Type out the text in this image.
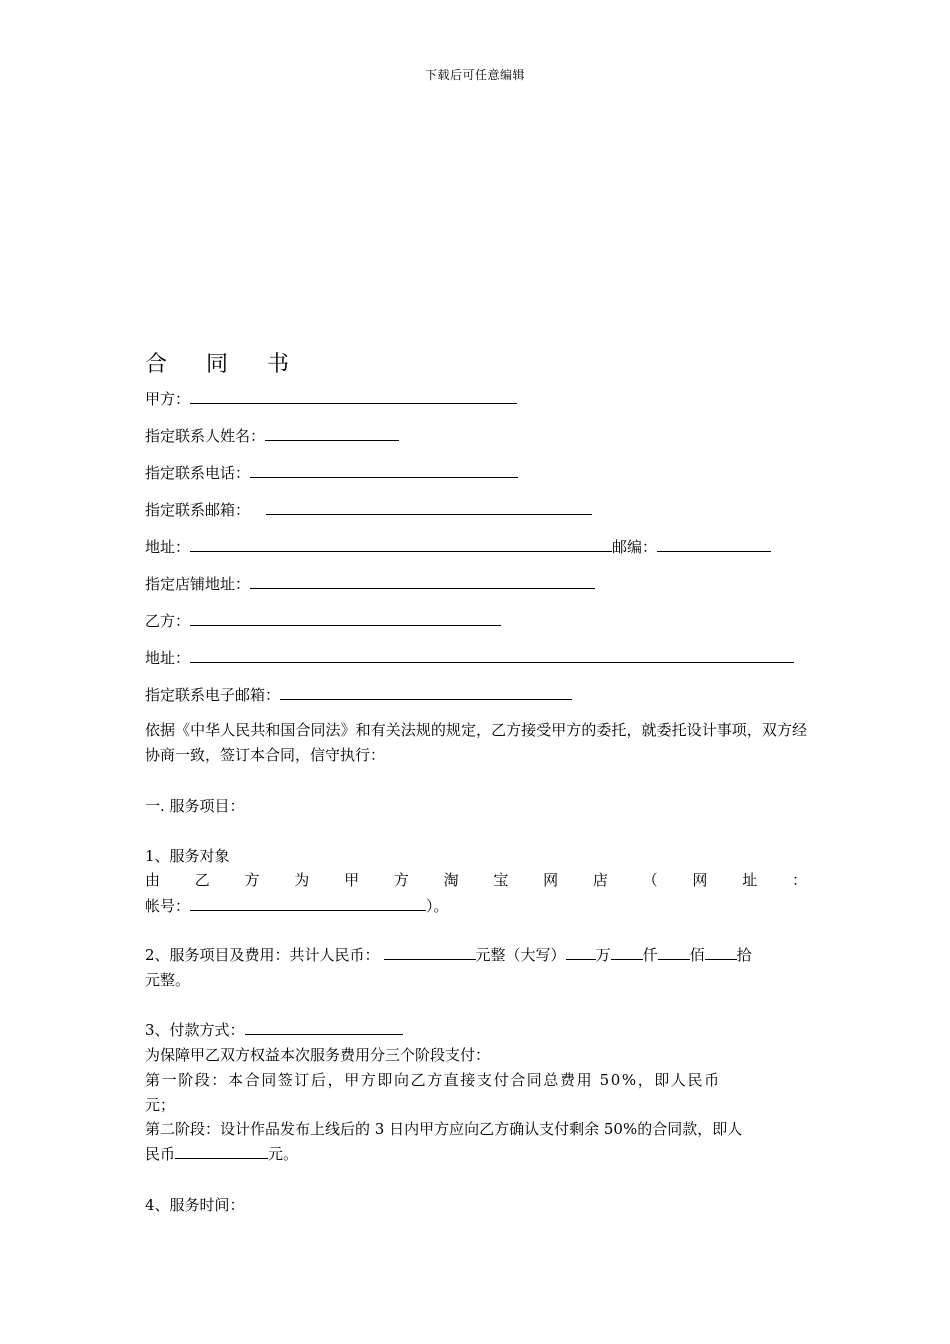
下载后可任意编辑
合 同 书
甲方：
指定联系人姓名：
指定联系电话：
指定联系邮箱：
地址：	邮编：
指定店铺地址：
乙方：
地址：
指定联系电子邮箱：
依据《中华人民共和国合同法》和有关法规的规定，乙方接受甲方的委托，就委托设计事项，双方经协商一致，签订本合同，信守执行：
一. 服务项目：
1、服务对象
由 乙 方 为 甲 方 淘 宝 网 店 （ 网 址 ：
帐号：	）。
2、服务项目及费用：共计人民币：	元整（大写） 万 仟 佰 拾
元整。
3、付款方式：
为保障甲乙双方权益本次服务费用分三个阶段支付：
第一阶段：本合同签订后，甲方即向乙方直接支付合同总费用 50%，即人民币
元；
第二阶段：设计作品发布上线后的 3 日内甲方应向乙方确认支付剩余 50%的合同款，即人
民币	元。
4、服务时间：
